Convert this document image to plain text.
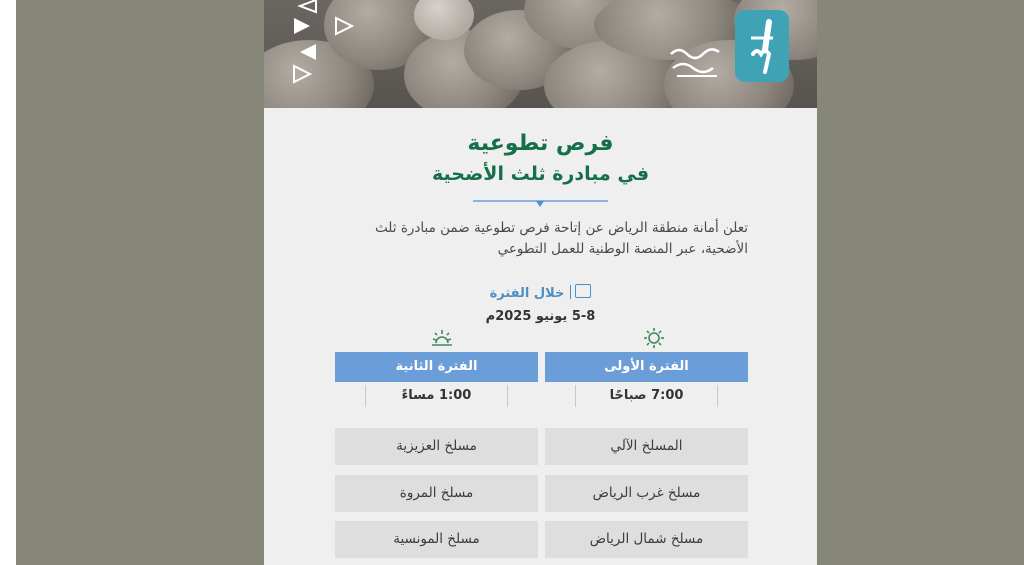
فرص تطوعية
في مبادرة ثلث الأضحية
تعلن أمانة منطقة الرياض عن إتاحة فرص تطوعية ضمن مبادرة ثلث الأضحية، عبر المنصة الوطنية للعمل التطوعي
خلال الفترة
5-8 يونيو 2025م
الفترة الأولى
7:00 صباحًا
الفترة الثانية
1:00 مساءً
المسلخ الآلي
مسلخ غرب الرياض
مسلخ شمال الرياض
مسلخ العزيزية
مسلخ المروة
مسلخ المونسية
